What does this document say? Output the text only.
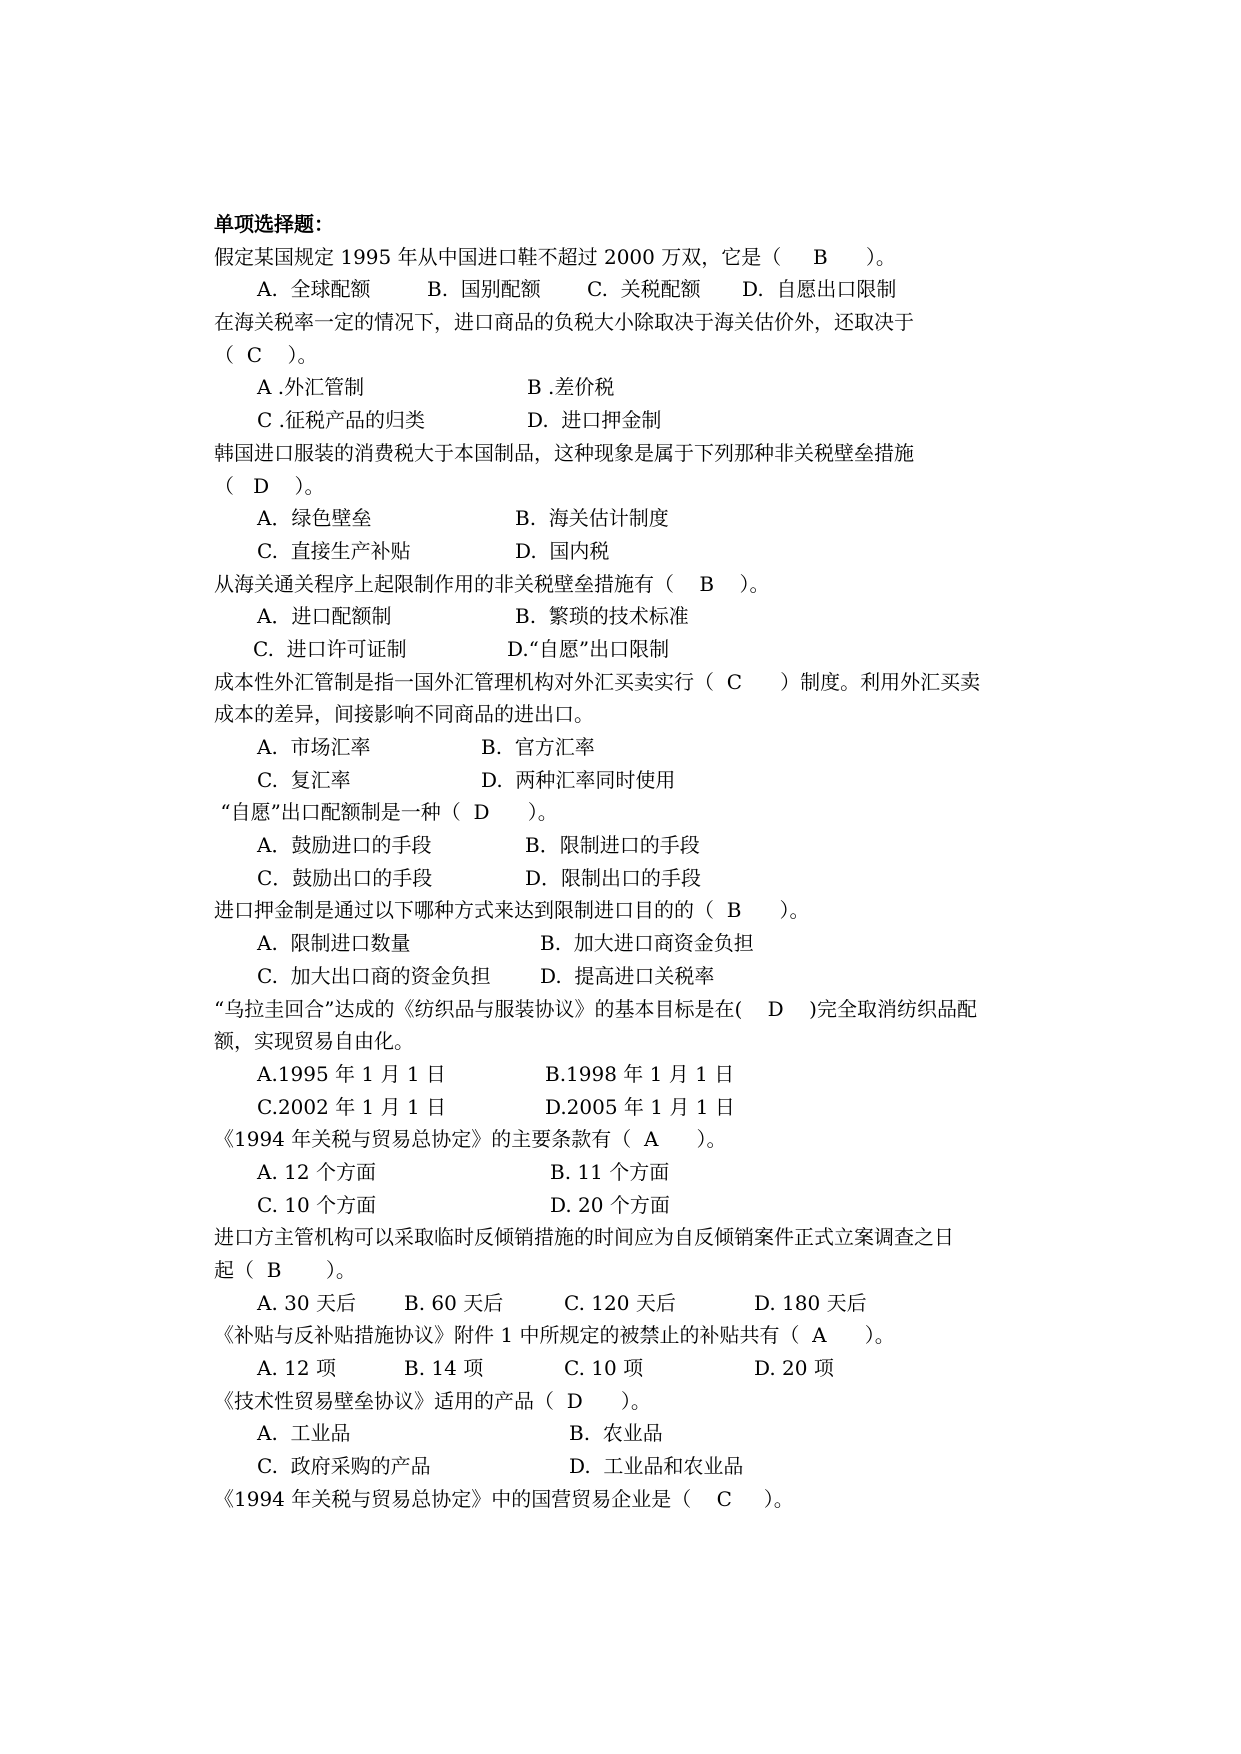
单项选择题：
假定某国规定 1995 年从中国进口鞋不超过 2000 万双，它是（     B      ）。
A.  全球配额	B.  国别配额 C.  关税配额 D.  自愿出口限制
在海关税率一定的情况下，进口商品的负税大小除取决于海关估价外，还取决于
（  C    ）。
A .外汇管制	B .差价税
C .征税产品的归类	D.  进口押金制
韩国进口服装的消费税大于本国制品，这种现象是属于下列那种非关税壁垒措施
（   D    ）。
A．绿色壁垒	B.  海关估计制度
C.  直接生产补贴	D.  国内税
从海关通关程序上起限制作用的非关税壁垒措施有（    B    ）。
A．进口配额制	B.  繁琐的技术标准
C.  进口许可证制	D.“自愿”出口限制
成本性外汇管制是指一国外汇管理机构对外汇买卖实行（  C      ）制度。利用外汇买卖
成本的差异，间接影响不同商品的进出口。
A.  市场汇率	B.  官方汇率
C.  复汇率	D.  两种汇率同时使用
“自愿”出口配额制是一种（  D      ）。
A．鼓励进口的手段	B．限制进口的手段
C．鼓励出口的手段	D．限制出口的手段
进口押金制是通过以下哪种方式来达到限制进口目的的（  B      ）。
A.  限制进口数量	B.  加大进口商资金负担
C.  加大出口商的资金负担 D.  提高进口关税率
“乌拉圭回合”达成的《纺织品与服装协议》的基本目标是在(    D    )完全取消纺织品配
额，实现贸易自由化。
A.1995 年 1 月 1 日	B.1998 年 1 月 1 日
C.2002 年 1 月 1 日	D.2005 年 1 月 1 日
《1994 年关税与贸易总协定》的主要条款有（  A      ）。
A. 12 个方面	B. 11 个方面
C. 10 个方面	D. 20 个方面
进口方主管机构可以采取临时反倾销措施的时间应为自反倾销案件正式立案调查之日
起（  B       ）。
A. 30 天后 B. 60 天后	C. 120 天后	D. 180 天后
《补贴与反补贴措施协议》附件 1 中所规定的被禁止的补贴共有（  A      ）。
A. 12 项	B. 14 项	C. 10 项	D. 20 项
《技术性贸易壁垒协议》适用的产品（  D      ）。
A.  工业品	B.  农业品
C.  政府采购的产品	D.  工业品和农业品
《1994 年关税与贸易总协定》中的国营贸易企业是（    C     ）。
